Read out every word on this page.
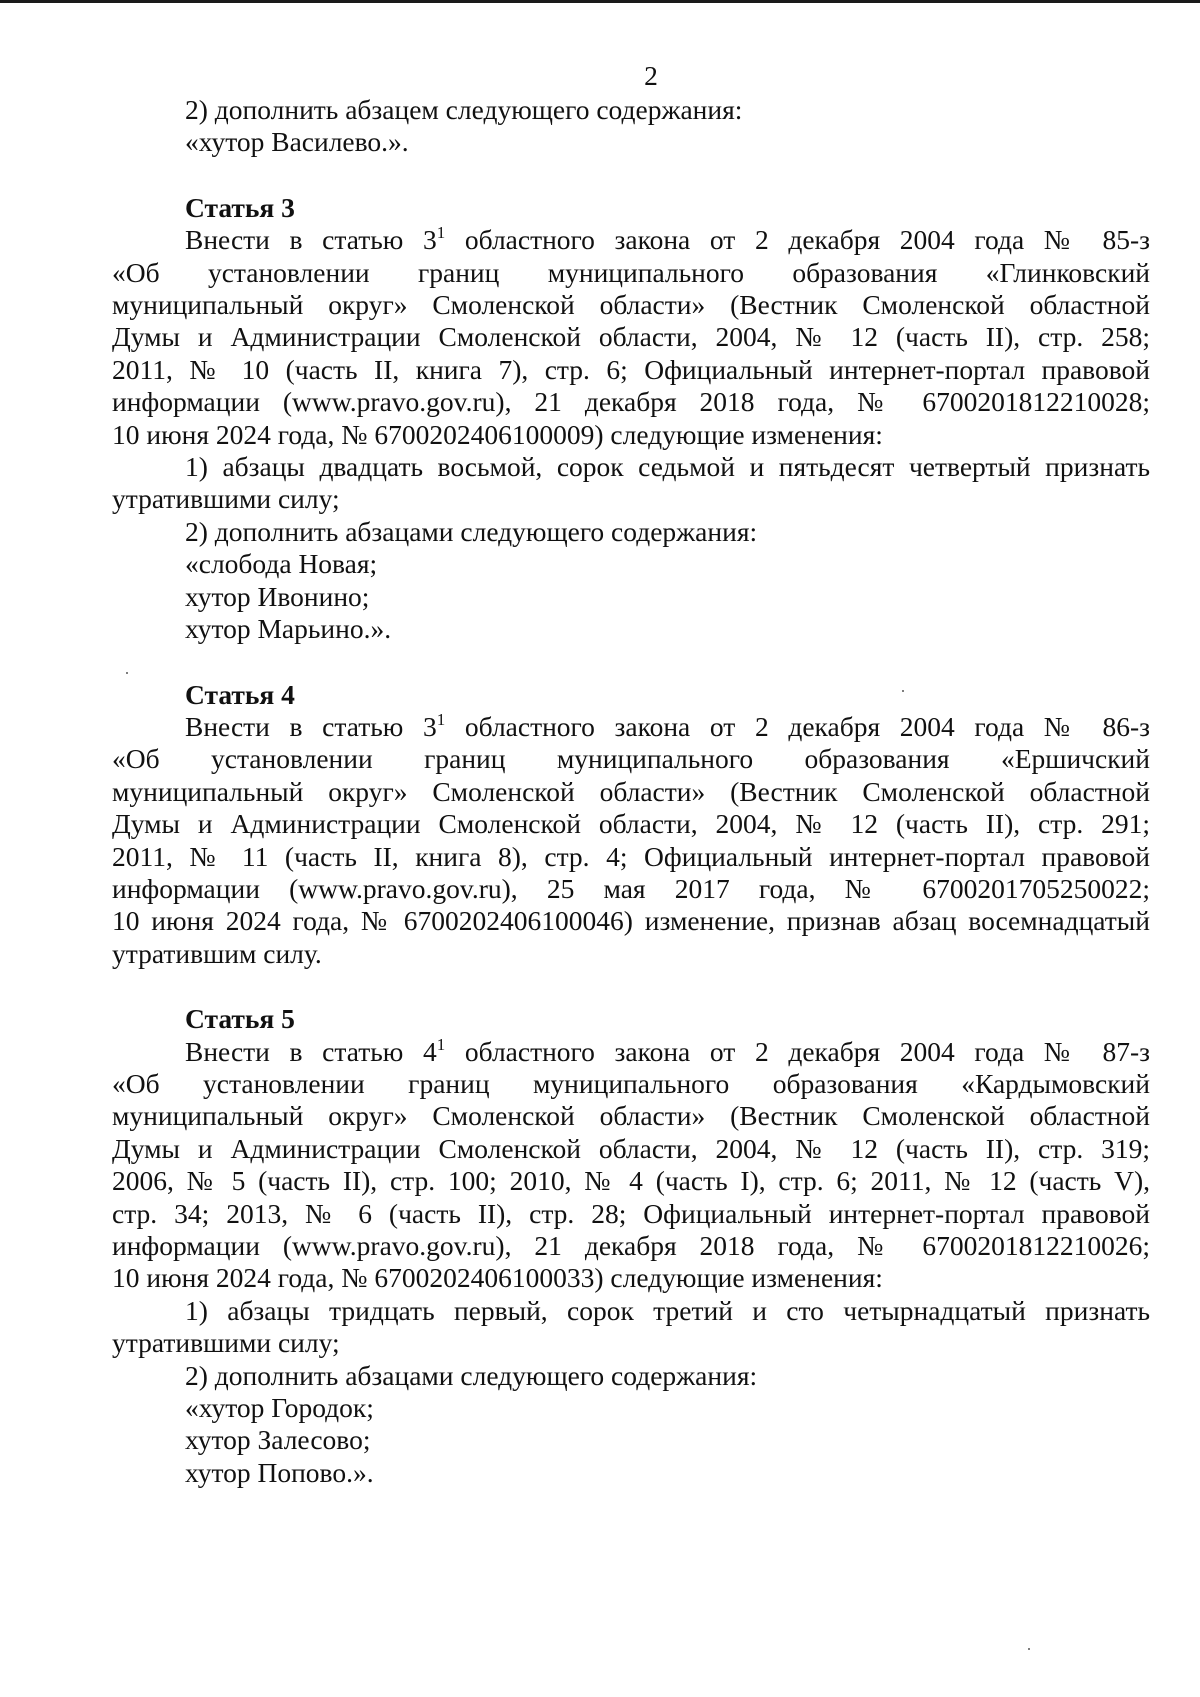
2

2) дополнить абзацем следующего содержания:

«хутор Василево.».

Статья 3

Внести в статью $3^1$ областного закона от 2 декабря 2004 года № 85-з

«Об установлении границ муниципального образования «Глинковский

муниципальный округ» Смоленской области» (Вестник Смоленской областной

Думы и Администрации Смоленской области, 2004, № 12 (часть II), стр. 258;

2011, № 10 (часть II, книга 7), стр. 6; Официальный интернет-портал правовой

информации (www.pravo.gov.ru), 21 декабря 2018 года, № 6700201812210028;

10 июня 2024 года, № 6700202406100009) следующие изменения:

1) абзацы двадцать восьмой, сорок седьмой и пятьдесят четвертый признать

утратившими силу;

2) дополнить абзацами следующего содержания:

«слобода Новая;

хутор Ивонино;

хутор Марьино.».

Статья 4

Внести в статью $3^1$ областного закона от 2 декабря 2004 года № 86-з

«Об установлении границ муниципального образования «Ершичский

муниципальный округ» Смоленской области» (Вестник Смоленской областной

Думы и Администрации Смоленской области, 2004, № 12 (часть II), стр. 291;

2011, № 11 (часть II, книга 8), стр. 4; Официальный интернет-портал правовой

информации (www.pravo.gov.ru), 25 мая 2017 года, № 6700201705250022;

10 июня 2024 года, № 6700202406100046) изменение, признав абзац восемнадцатый

утратившим силу.

Статья 5

Внести в статью $4^1$ областного закона от 2 декабря 2004 года № 87-з

«Об установлении границ муниципального образования «Кардымовский

муниципальный округ» Смоленской области» (Вестник Смоленской областной

Думы и Администрации Смоленской области, 2004, № 12 (часть II), стр. 319;

2006, № 5 (часть II), стр. 100; 2010, № 4 (часть I), стр. 6; 2011, № 12 (часть V),

стр. 34; 2013, № 6 (часть II), стр. 28; Официальный интернет-портал правовой

информации (www.pravo.gov.ru), 21 декабря 2018 года, № 6700201812210026;

10 июня 2024 года, № 6700202406100033) следующие изменения:

1) абзацы тридцать первый, сорок третий и сто четырнадцатый признать

утратившими силу;

2) дополнить абзацами следующего содержания:

«хутор Городок;

хутор Залесово;

хутор Попово.».
